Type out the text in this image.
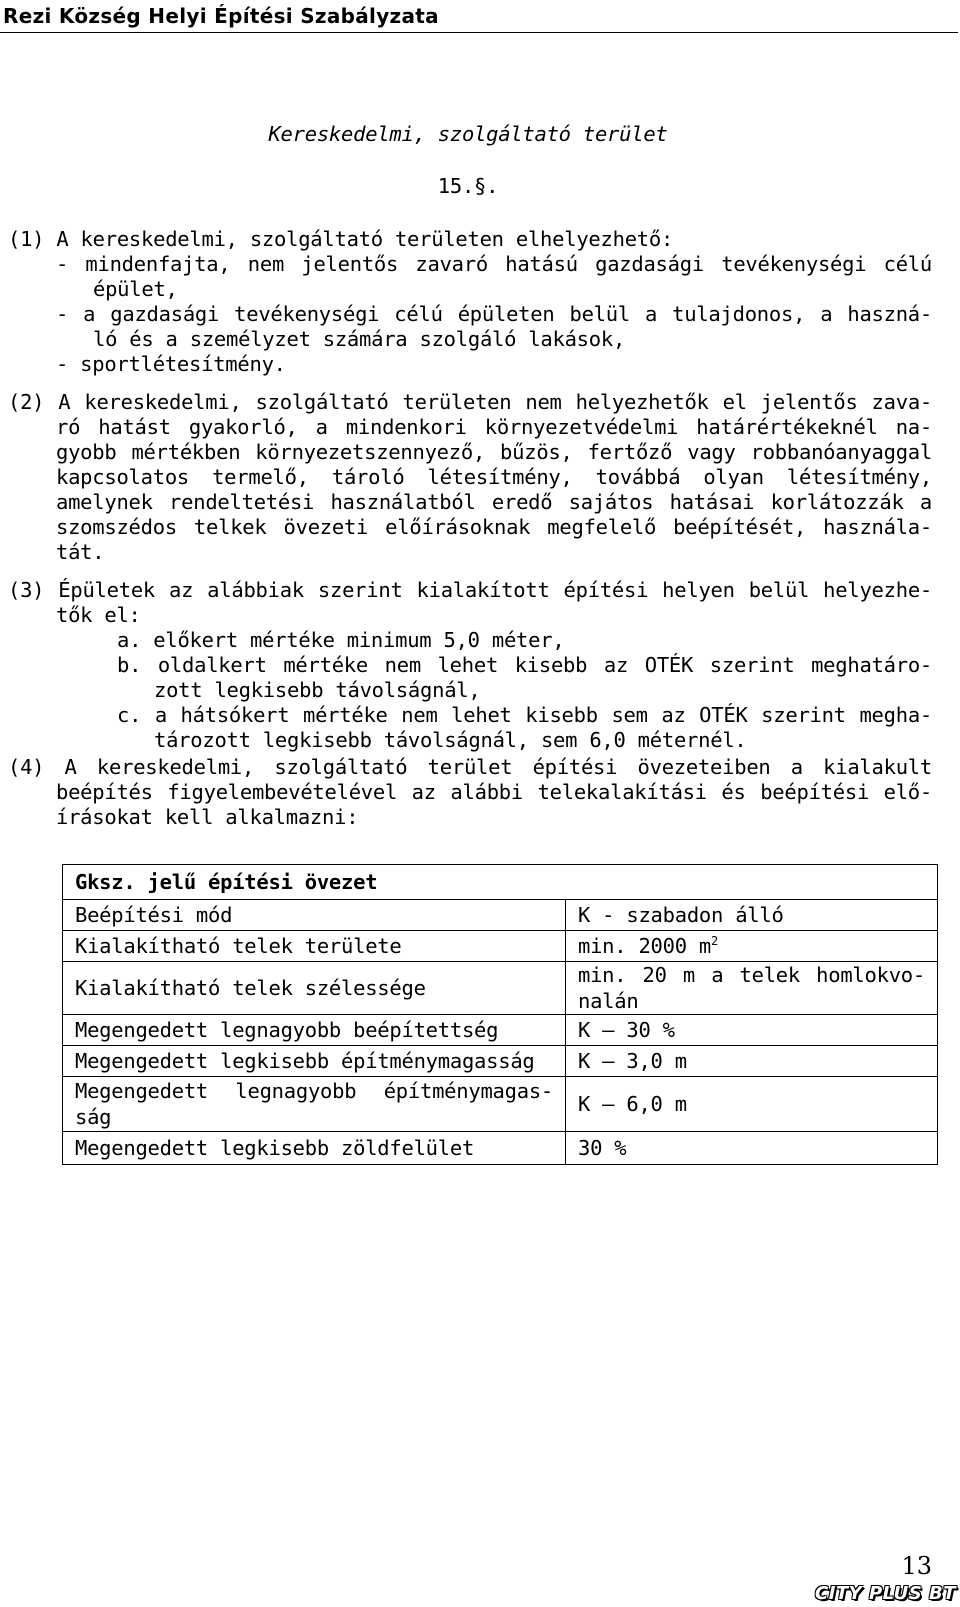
Rezi Község Helyi Építési Szabályzata
Kereskedelmi, szolgáltató terület
15.§.
(1) A kereskedelmi, szolgáltató területen elhelyezhető:
- mindenfajta, nem jelentős zavaró hatású gazdasági tevékenységi célú
épület,
- a gazdasági tevékenységi célú épületen belül a tulajdonos, a haszná-
ló és a személyzet számára szolgáló lakások,
- sportlétesítmény.
(2) A kereskedelmi, szolgáltató területen nem helyezhetők el jelentős zava-
ró hatást gyakorló, a mindenkori környezetvédelmi határértékeknél na-
gyobb mértékben környezetszennyező, bűzös, fertőző vagy robbanóanyaggal
kapcsolatos termelő, tároló létesítmény, továbbá olyan létesítmény,
amelynek rendeltetési használatból eredő sajátos hatásai korlátozzák a
szomszédos telkek övezeti előírásoknak megfelelő beépítését, használa-
tát.
(3) Épületek az alábbiak szerint kialakított építési helyen belül helyezhe-
tők el:
a. előkert mértéke minimum 5,0 méter,
b. oldalkert mértéke nem lehet kisebb az OTÉK szerint meghatáro-
zott legkisebb távolságnál,
c. a hátsókert mértéke nem lehet kisebb sem az OTÉK szerint megha-
tározott legkisebb távolságnál, sem 6,0 méternél.
(4) A kereskedelmi, szolgáltató terület építési övezeteiben a kialakult
beépítés figyelembevételével az alábbi telekalakítási és beépítési elő-
írásokat kell alkalmazni:
Gksz. jelű építési övezet	
Beépítési mód	K - szabadon álló
Kialakítható telek területe	min. 2000 $m^2$
Kialakítható telek szélessége	min. 20 m a telek homlokvo-
nalán

Megengedett legnagyobb beépítettség	K – 30 %
Megengedett legkisebb építménymagasság	K – 3,0 m

Megengedett legnagyobb építménymagas-
ság	K – 6,0 m
Megengedett legkisebb zöldfelület	30 %
13
CITY PLUS BT
